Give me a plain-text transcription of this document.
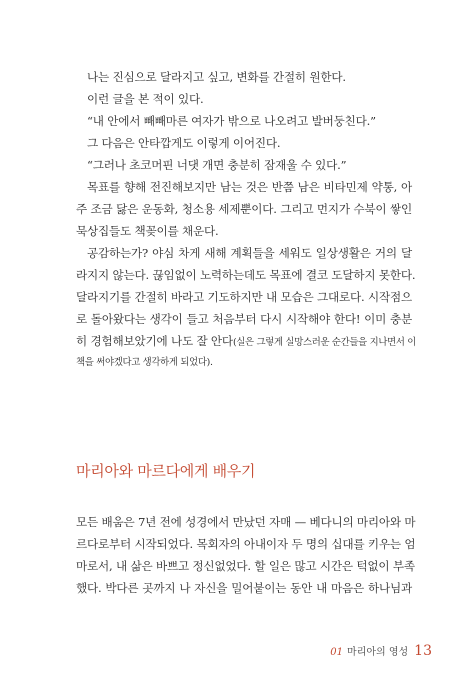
나는 진심으로 달라지고 싶고, 변화를 간절히 원한다.
이런 글을 본 적이 있다.
“내 안에서 빼빼마른 여자가 밖으로 나오려고 발버둥친다.”
그 다음은 안타깝게도 이렇게 이어진다.
“그러나 초코머핀 너댓 개면 충분히 잠재울 수 있다.”
목표를 향해 전진해보지만 남는 것은 반쯤 남은 비타민제 약통, 아
주 조금 닳은 운동화, 청소용 세제뿐이다. 그리고 먼지가 수북이 쌓인
묵상집들도 책꽂이를 채운다.
공감하는가? 야심 차게 새해 계획들을 세워도 일상생활은 거의 달
라지지 않는다. 끊임없이 노력하는데도 목표에 결코 도달하지 못한다.
달라지기를 간절히 바라고 기도하지만 내 모습은 그대로다. 시작점으
로 돌아왔다는 생각이 들고 처음부터 다시 시작해야 한다! 이미 충분
히 경험해보았기에 나도 잘 안다(실은 그렇게 실망스러운 순간들을 지나면서 이
책을 써야겠다고 생각하게 되었다).
마리아와 마르다에게 배우기
모든 배움은 7년 전에 성경에서 만났던 자매 — 베다니의 마리아와 마
르다로부터 시작되었다. 목회자의 아내이자 두 명의 십대를 키우는 엄
마로서, 내 삶은 바쁘고 정신없었다. 할 일은 많고 시간은 턱없이 부족
했다. 박다른 곳까지 나 자신을 밀어붙이는 동안 내 마음은 하나님과
01 마리아의 영성 13
